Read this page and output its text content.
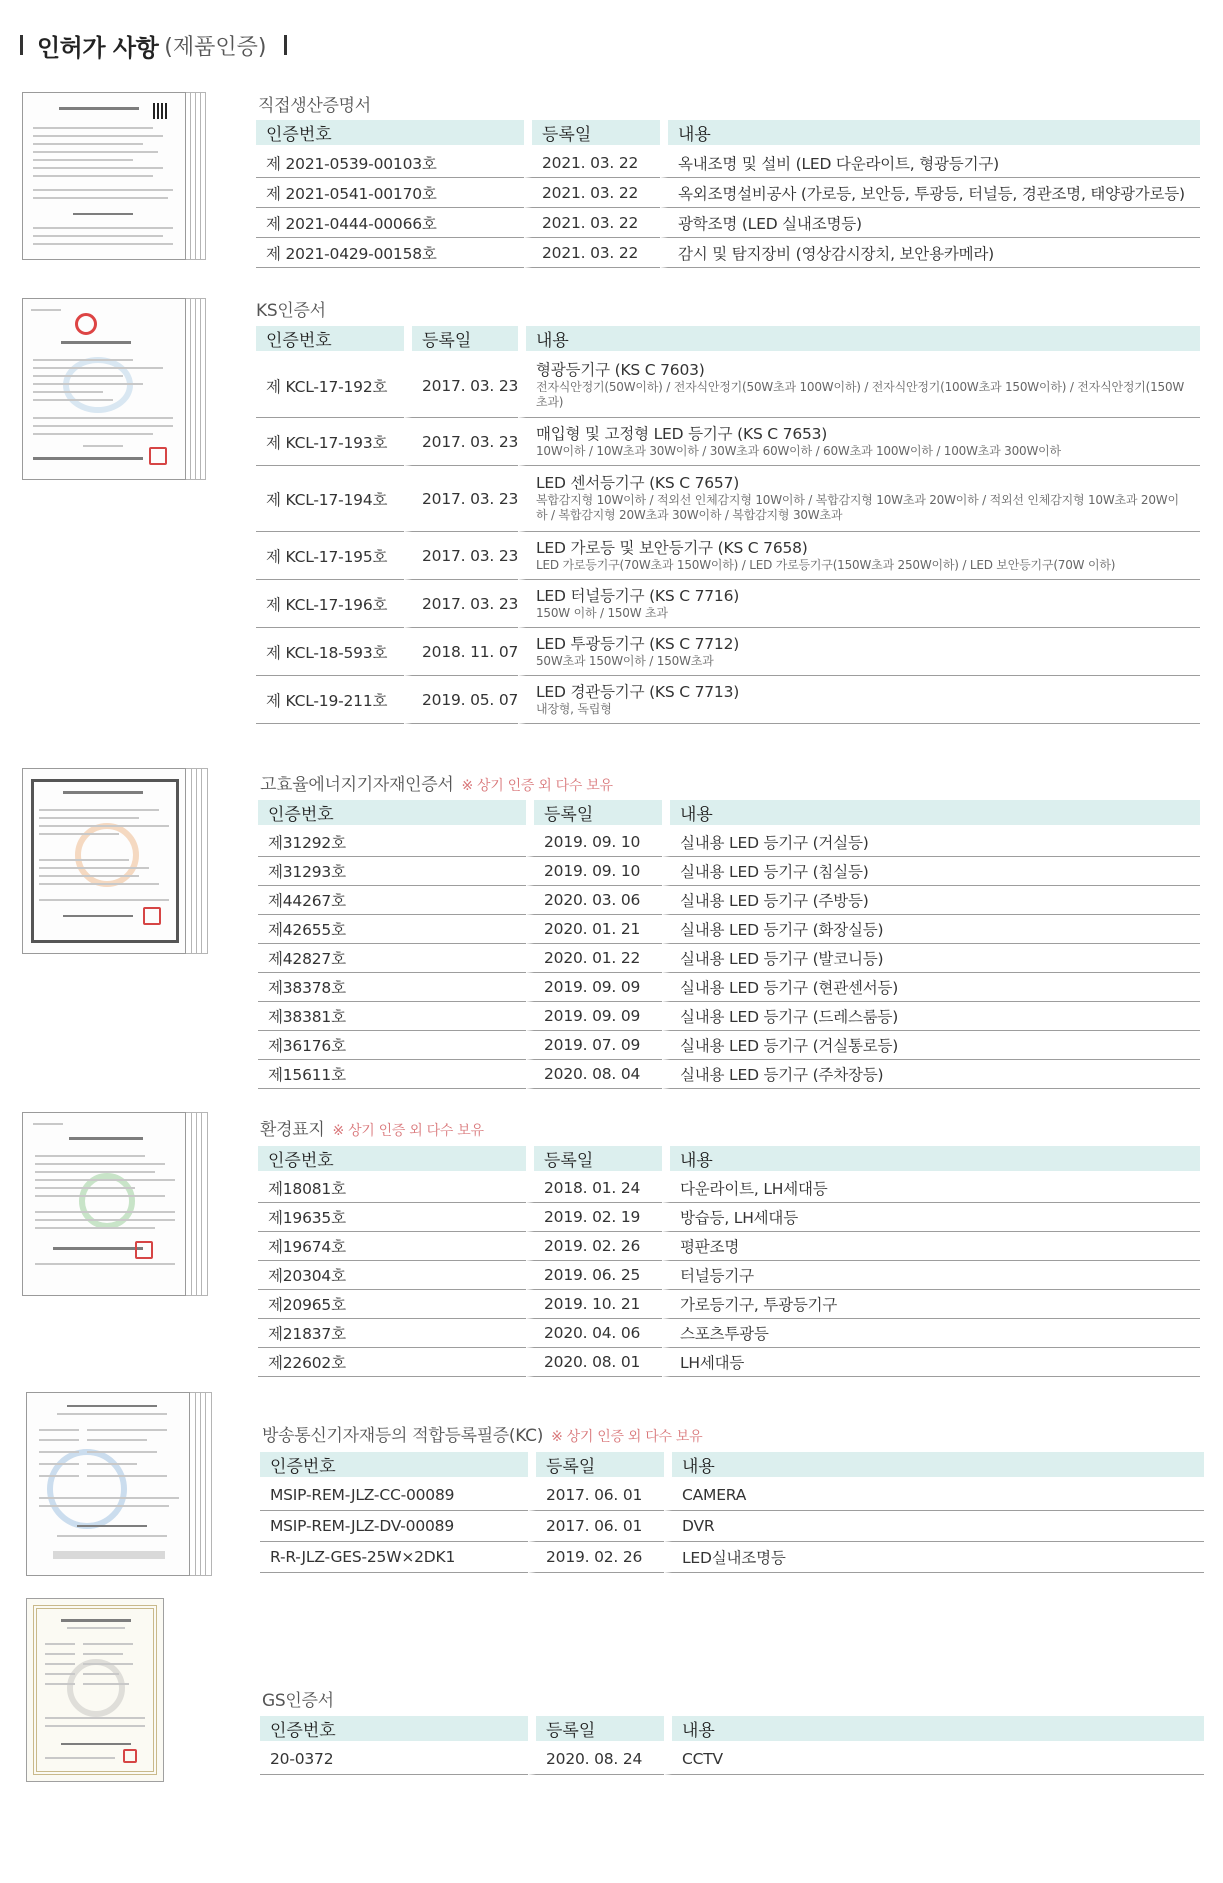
인허가 사항 (제품인증)
직접생산증명서
인증번호	등록일	내용
제 2021-0539-00103호	2021. 03. 22	옥내조명 및 설비 (LED 다운라이트, 형광등기구)
제 2021-0541-00170호	2021. 03. 22	옥외조명설비공사 (가로등, 보안등, 투광등, 터널등, 경관조명, 태양광가로등)
제 2021-0444-00066호	2021. 03. 22	광학조명 (LED 실내조명등)
제 2021-0429-00158호	2021. 03. 22	감시 및 탐지장비 (영상감시장치, 보안용카메라)
KS인증서
인증번호	등록일	내용
제 KCL-17-192호	2017. 03. 23	형광등기구 (KS C 7603)
전자식안정기(50W이하) / 전자식안정기(50W초과 100W이하) / 전자식안정기(100W초과 150W이하) / 전자식안정기(150W초과)

제 KCL-17-193호	2017. 03. 23	매입형 및 고정형 LED 등기구 (KS C 7653)
10W이하 / 10W초과 30W이하 / 30W초과 60W이하 / 60W초과 100W이하 / 100W초과 300W이하

제 KCL-17-194호	2017. 03. 23	LED 센서등기구 (KS C 7657)
복합감지형 10W이하 / 적외선 인체감지형 10W이하 / 복합감지형 10W초과 20W이하 / 적외선 인체감지형 10W초과 20W이하 / 복합감지형 20W초과 30W이하 / 복합감지형 30W초과

제 KCL-17-195호	2017. 03. 23	LED 가로등 및 보안등기구 (KS C 7658)
LED 가로등기구(70W초과 150W이하) / LED 가로등기구(150W초과 250W이하) / LED 보안등기구(70W 이하)

제 KCL-17-196호	2017. 03. 23	LED 터널등기구 (KS C 7716)
150W 이하 / 150W 초과

제 KCL-18-593호	2018. 11. 07	LED 투광등기구 (KS C 7712)
50W초과 150W이하 / 150W초과

제 KCL-19-211호	2019. 05. 07	LED 경관등기구 (KS C 7713)
내장형, 독립형
고효율에너지기자재인증서 ※ 상기 인증 외 다수 보유
인증번호	등록일	내용
제31292호	2019. 09. 10	실내용 LED 등기구 (거실등)
제31293호	2019. 09. 10	실내용 LED 등기구 (침실등)
제44267호	2020. 03. 06	실내용 LED 등기구 (주방등)
제42655호	2020. 01. 21	실내용 LED 등기구 (화장실등)
제42827호	2020. 01. 22	실내용 LED 등기구 (발코니등)
제38378호	2019. 09. 09	실내용 LED 등기구 (현관센서등)
제38381호	2019. 09. 09	실내용 LED 등기구 (드레스룸등)
제36176호	2019. 07. 09	실내용 LED 등기구 (거실통로등)
제15611호	2020. 08. 04	실내용 LED 등기구 (주차장등)
환경표지 ※ 상기 인증 외 다수 보유
인증번호	등록일	내용
제18081호	2018. 01. 24	다운라이트, LH세대등
제19635호	2019. 02. 19	방습등, LH세대등
제19674호	2019. 02. 26	평판조명
제20304호	2019. 06. 25	터널등기구
제20965호	2019. 10. 21	가로등기구, 투광등기구
제21837호	2020. 04. 06	스포츠투광등
제22602호	2020. 08. 01	LH세대등
방송통신기자재등의 적합등록필증(KC) ※ 상기 인증 외 다수 보유
인증번호	등록일	내용
MSIP-REM-JLZ-CC-00089	2017. 06. 01	CAMERA
MSIP-REM-JLZ-DV-00089	2017. 06. 01	DVR
R-R-JLZ-GES-25W×2DK1	2019. 02. 26	LED실내조명등
GS인증서
인증번호	등록일	내용
20-0372	2020. 08. 24	CCTV
